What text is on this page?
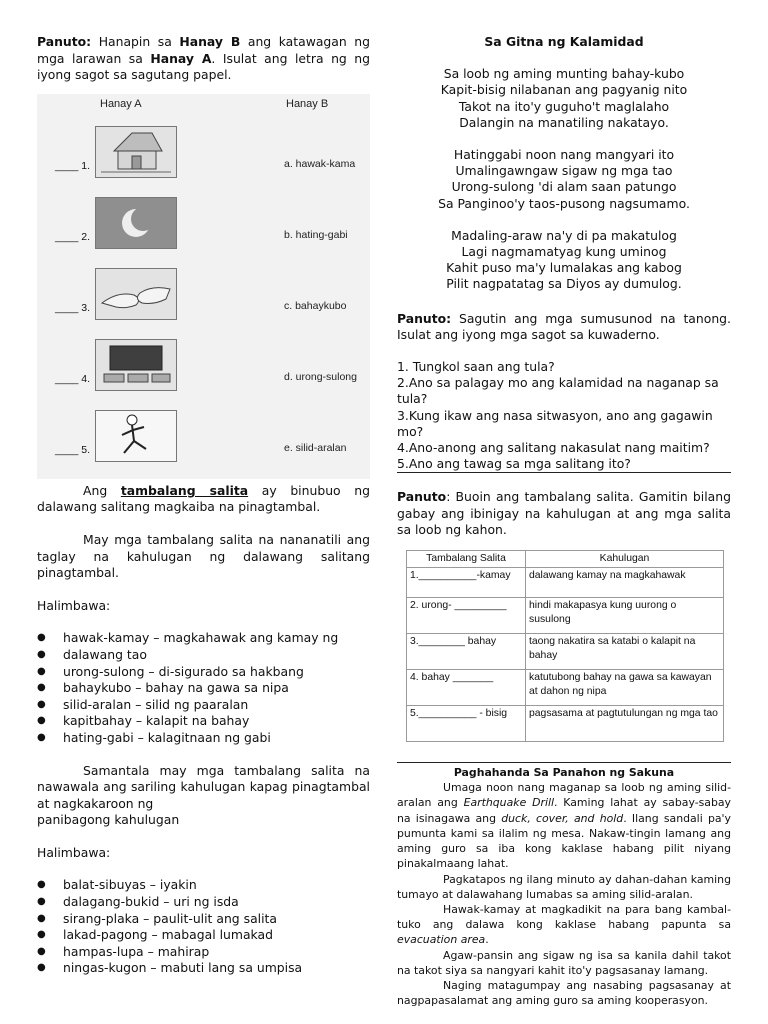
Panuto: Hanapin sa Hanay B ang katawagan ng mga larawan sa Hanay A. Isulat ang letra ng ng iyong sagot sa sagutang papel.

Hanay A	Hanay B
____ 1.	a. hawak-kama
____ 2.	b. hating-gabi
____ 3.	c. bahaykubo
____ 4.	d. urong-sulong
____ 5.	e. silid-aralan

Ang tambalang salita ay binubuo ng dalawang salitang magkaiba na pinagtambal.

May mga tambalang salita na nananatili ang taglay na kahulugan ng dalawang salitang pinagtambal.

Halimbawa:

● hawak-kamay – magkahawak ang kamay ng
● dalawang tao
● urong-sulong – di-sigurado sa hakbang
● bahaykubo – bahay na gawa sa nipa
● silid-aralan – silid ng paaralan
● kapitbahay – kalapit na bahay
● hating-gabi – kalagitnaan ng gabi

Samantala may mga tambalang salita na nawawala ang sariling kahulugan kapag pinagtambal at nagkakaroon ng

panibagong kahulugan

Halimbawa:

● balat-sibuyas – iyakin
● dalagang-bukid – uri ng isda
● sirang-plaka – paulit-ulit ang salita
● lakad-pagong – mabagal lumakad
● hampas-lupa – mahirap
● ningas-kugon – mabuti lang sa umpisa

Sa Gitna ng Kalamidad

Sa loob ng aming munting bahay-kubo

Kapit-bisig nilabanan ang pagyanig nito

Takot na ito'y guguho't maglalaho

Dalangin na manatiling nakatayo.

Hatinggabi noon nang mangyari ito

Umalingawngaw sigaw ng mga tao

Urong-sulong 'di alam saan patungo

Sa Panginoo'y taos-pusong nagsumamo.

Madaling-araw na'y di pa makatulog

Lagi nagmamatyag kung uminog

Kahit puso ma'y lumalakas ang kabog

Pilit nagpatatag sa Diyos ay dumulog.

Panuto: Sagutin ang mga sumusunod na tanong. Isulat ang iyong mga sagot sa kuwaderno.

1. Tungkol saan ang tula?

2.Ano sa palagay mo ang kalamidad na naganap sa tula?

3.Kung ikaw ang nasa sitwasyon, ano ang gagawin mo?

4.Ano-anong ang salitang nakasulat nang maitim?

5.Ano ang tawag sa mga salitang ito?

Panuto: Buoin ang tambalang salita. Gamitin bilang gabay ang ibinigay na kahulugan at ang mga salita sa loob ng kahon.

Tambalang Salita	Kahulugan
1.__________-kamay	dalawang kamay na magkahawak
2. urong- _________	hindi makapasya kung uurong o susulong
3.________ bahay	taong nakatira sa katabi o kalapit na bahay
4. bahay _______	katutubong bahay na gawa sa kawayan at dahon ng nipa
5.__________ - bisig	pagsasama at pagtutulungan ng mga tao

Paghahanda Sa Panahon ng Sakuna

Umaga noon nang maganap sa loob ng aming silid-aralan ang Earthquake Drill. Kaming lahat ay sabay-sabay na isinagawa ang duck, cover, and hold. Ilang sandali pa'y pumunta kami sa ilalim ng mesa. Nakaw-tingin lamang ang aming guro sa iba kong kaklase habang pilit niyang pinakalmaang lahat.

Pagkatapos ng ilang minuto ay dahan-dahan kaming tumayo at dalawahang lumabas sa aming silid-aralan.

Hawak-kamay at magkadikit na para bang kambal-tuko ang dalawa kong kaklase habang papunta sa evacuation area.

Agaw-pansin ang sigaw ng isa sa kanila dahil takot na takot siya sa nangyari kahit ito'y pagsasanay lamang.

Naging matagumpay ang nasabing pagsasanay at nagpapasalamat ang aming guro sa aming kooperasyon.
